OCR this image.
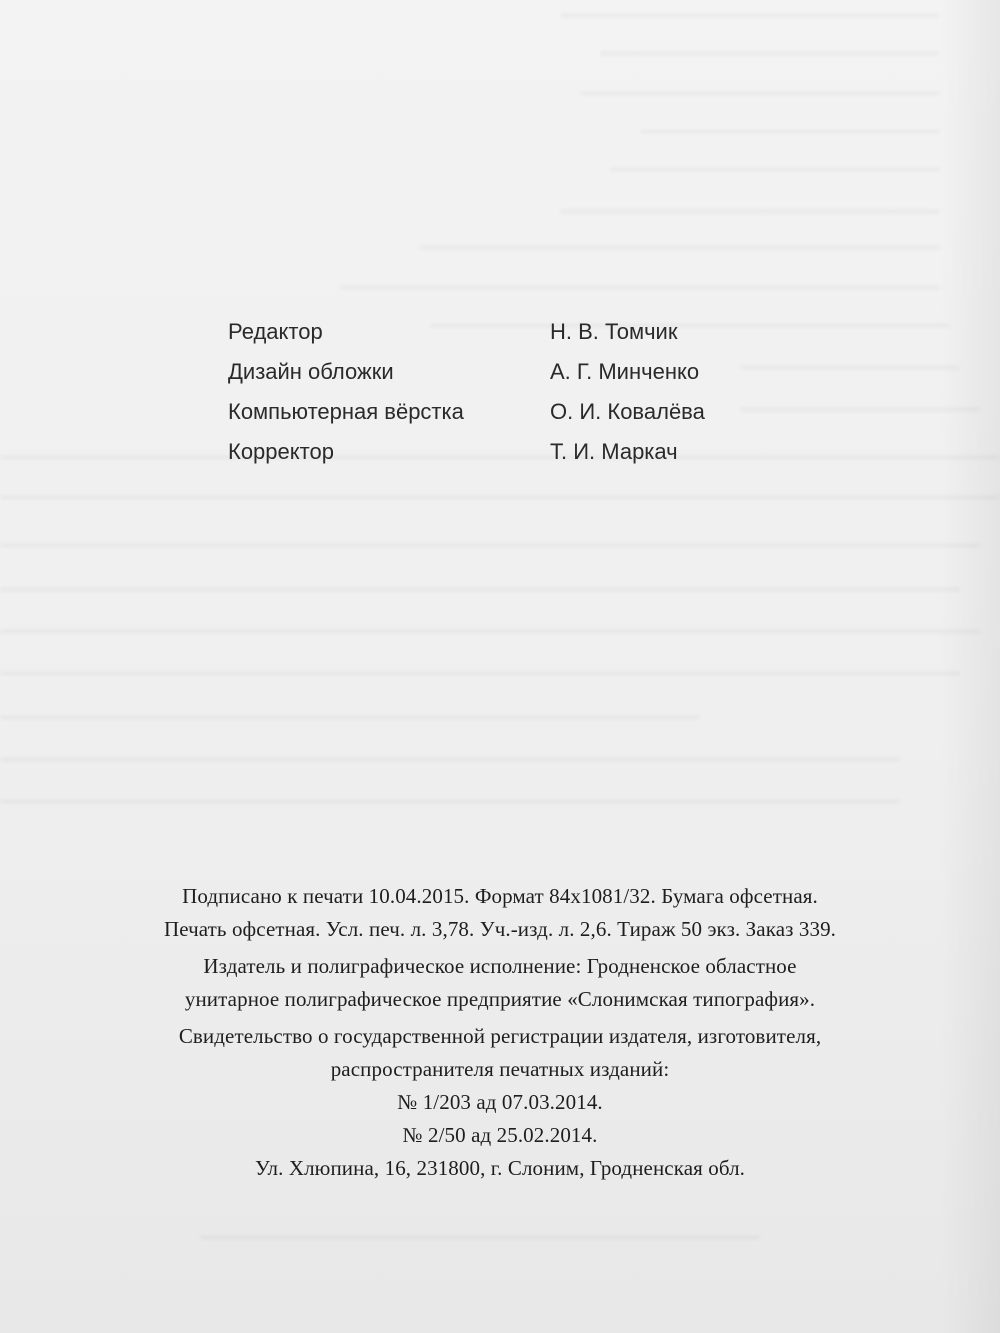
Редактор	Н. В. Томчик
Дизайн обложки	А. Г. Минченко
Компьютерная вёрстка	О. И. Ковалёва
Корректор	Т. И. Маркач
Подписано к печати 10.04.2015. Формат 84x1081/32. Бумага офсетная.
Печать офсетная. Усл. печ. л. 3,78. Уч.-изд. л. 2,6. Тираж 50 экз. Заказ 339.
Издатель и полиграфическое исполнение: Гродненское областное
унитарное полиграфическое предприятие «Слонимская типография».
Свидетельство о государственной регистрации издателя, изготовителя,
распространителя печатных изданий:
№ 1/203 ад 07.03.2014.
№ 2/50 ад 25.02.2014.
Ул. Хлюпина, 16, 231800, г. Слоним, Гродненская обл.
